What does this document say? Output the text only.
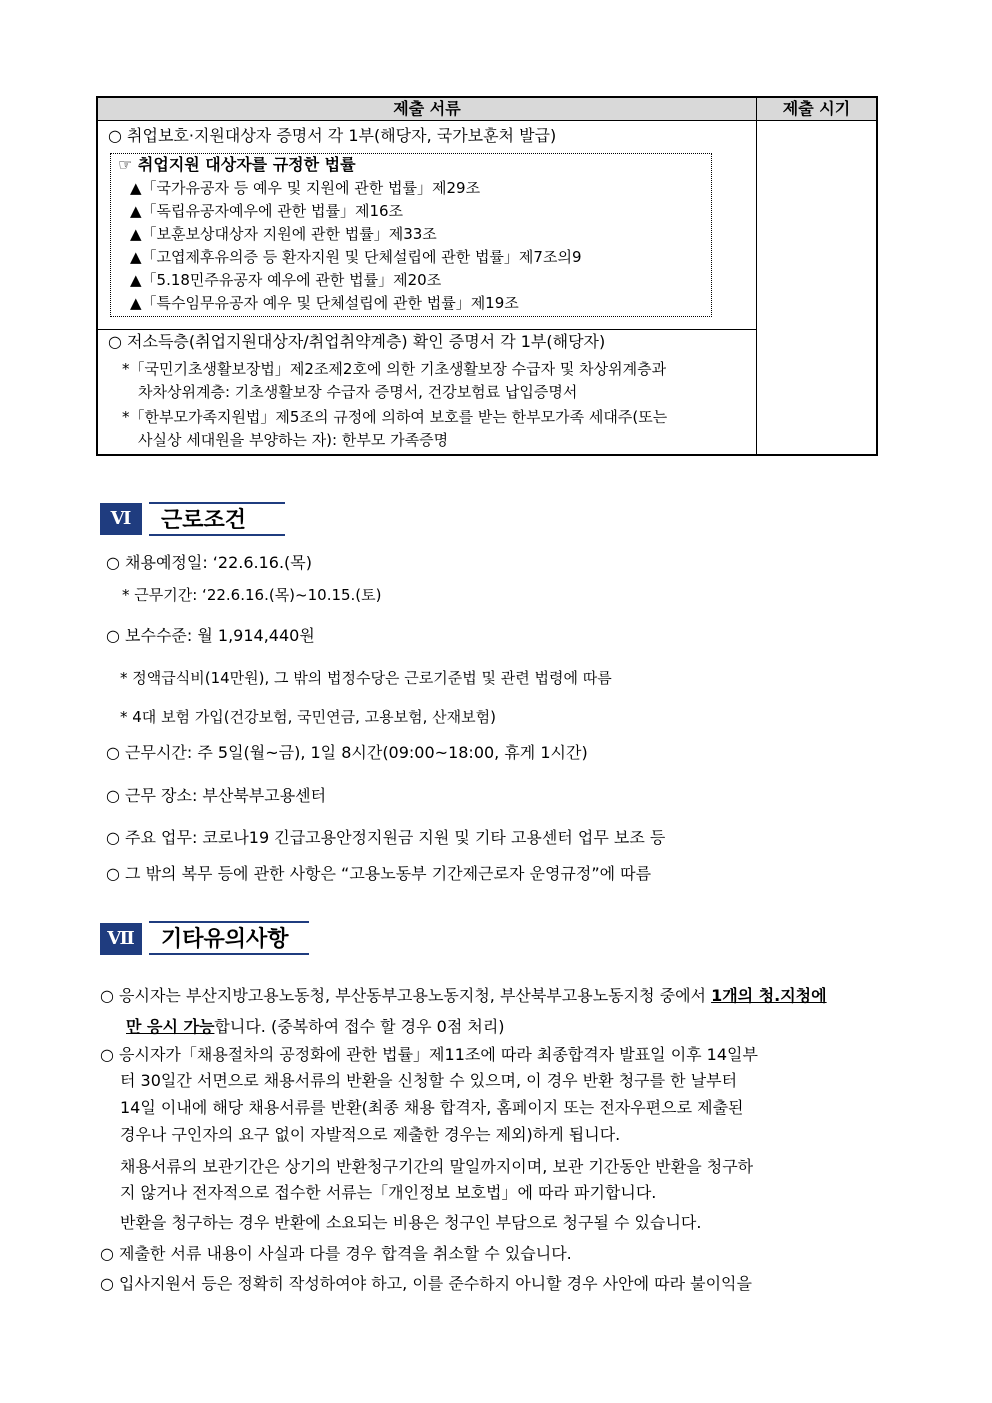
제출 서류	제출 시기
○ 취업보호·지원대상자 증명서 각 1부(해당자, 국가보훈처 발급)
☞ 취업지원 대상자를 규정한 법률
▲「국가유공자 등 예우 및 지원에 관한 법률」제29조
▲「독립유공자예우에 관한 법률」제16조
▲「보훈보상대상자 지원에 관한 법률」제33조
▲「고엽제후유의증 등 환자지원 및 단체설립에 관한 법률」제7조의9
▲「5.18민주유공자 예우에 관한 법률」제20조
▲「특수임무유공자 예우 및 단체설립에 관한 법률」제19조
○ 저소득층(취업지원대상자/취업취약계층) 확인 증명서 각 1부(해당자)
*「국민기초생활보장법」제2조제2호에 의한 기초생활보장 수급자 및 차상위계층과
차차상위계층: 기초생활보장 수급자 증명서, 건강보험료 납입증명서
*「한부모가족지원법」제5조의 규정에 의하여 보호를 받는 한부모가족 세대주(또는
사실상 세대원을 부양하는 자): 한부모 가족증명
Ⅵ	근로조건
○ 채용예정일: ‘22.6.16.(목)
* 근무기간: ‘22.6.16.(목)~10.15.(토)
○ 보수수준: 월 1,914,440원
* 정액급식비(14만원), 그 밖의 법정수당은 근로기준법 및 관련 법령에 따름
* 4대 보험 가입(건강보험, 국민연금, 고용보험, 산재보험)
○ 근무시간: 주 5일(월~금), 1일 8시간(09:00~18:00, 휴게 1시간)
○ 근무 장소: 부산북부고용센터
○ 주요 업무: 코로나19 긴급고용안정지원금 지원 및 기타 고용센터 업무 보조 등
○ 그 밖의 복무 등에 관한 사항은 “고용노동부 기간제근로자 운영규정”에 따름
Ⅶ	기타유의사항
○ 응시자는 부산지방고용노동청, 부산동부고용노동지청, 부산북부고용노동지청 중에서 1개의 청.지청에
만 응시 가능합니다. (중복하여 접수 할 경우 0점 처리)
○ 응시자가「채용절차의 공정화에 관한 법률」제11조에 따라 최종합격자 발표일 이후 14일부
터 30일간 서면으로 채용서류의 반환을 신청할 수 있으며, 이 경우 반환 청구를 한 날부터
14일 이내에 해당 채용서류를 반환(최종 채용 합격자, 홈페이지 또는 전자우편으로 제출된
경우나 구인자의 요구 없이 자발적으로 제출한 경우는 제외)하게 됩니다.
채용서류의 보관기간은 상기의 반환청구기간의 말일까지이며, 보관 기간동안 반환을 청구하
지 않거나 전자적으로 접수한 서류는「개인정보 보호법」에 따라 파기합니다.
반환을 청구하는 경우 반환에 소요되는 비용은 청구인 부담으로 청구될 수 있습니다.
○ 제출한 서류 내용이 사실과 다를 경우 합격을 취소할 수 있습니다.
○ 입사지원서 등은 정확히 작성하여야 하고, 이를 준수하지 아니할 경우 사안에 따라 불이익을
